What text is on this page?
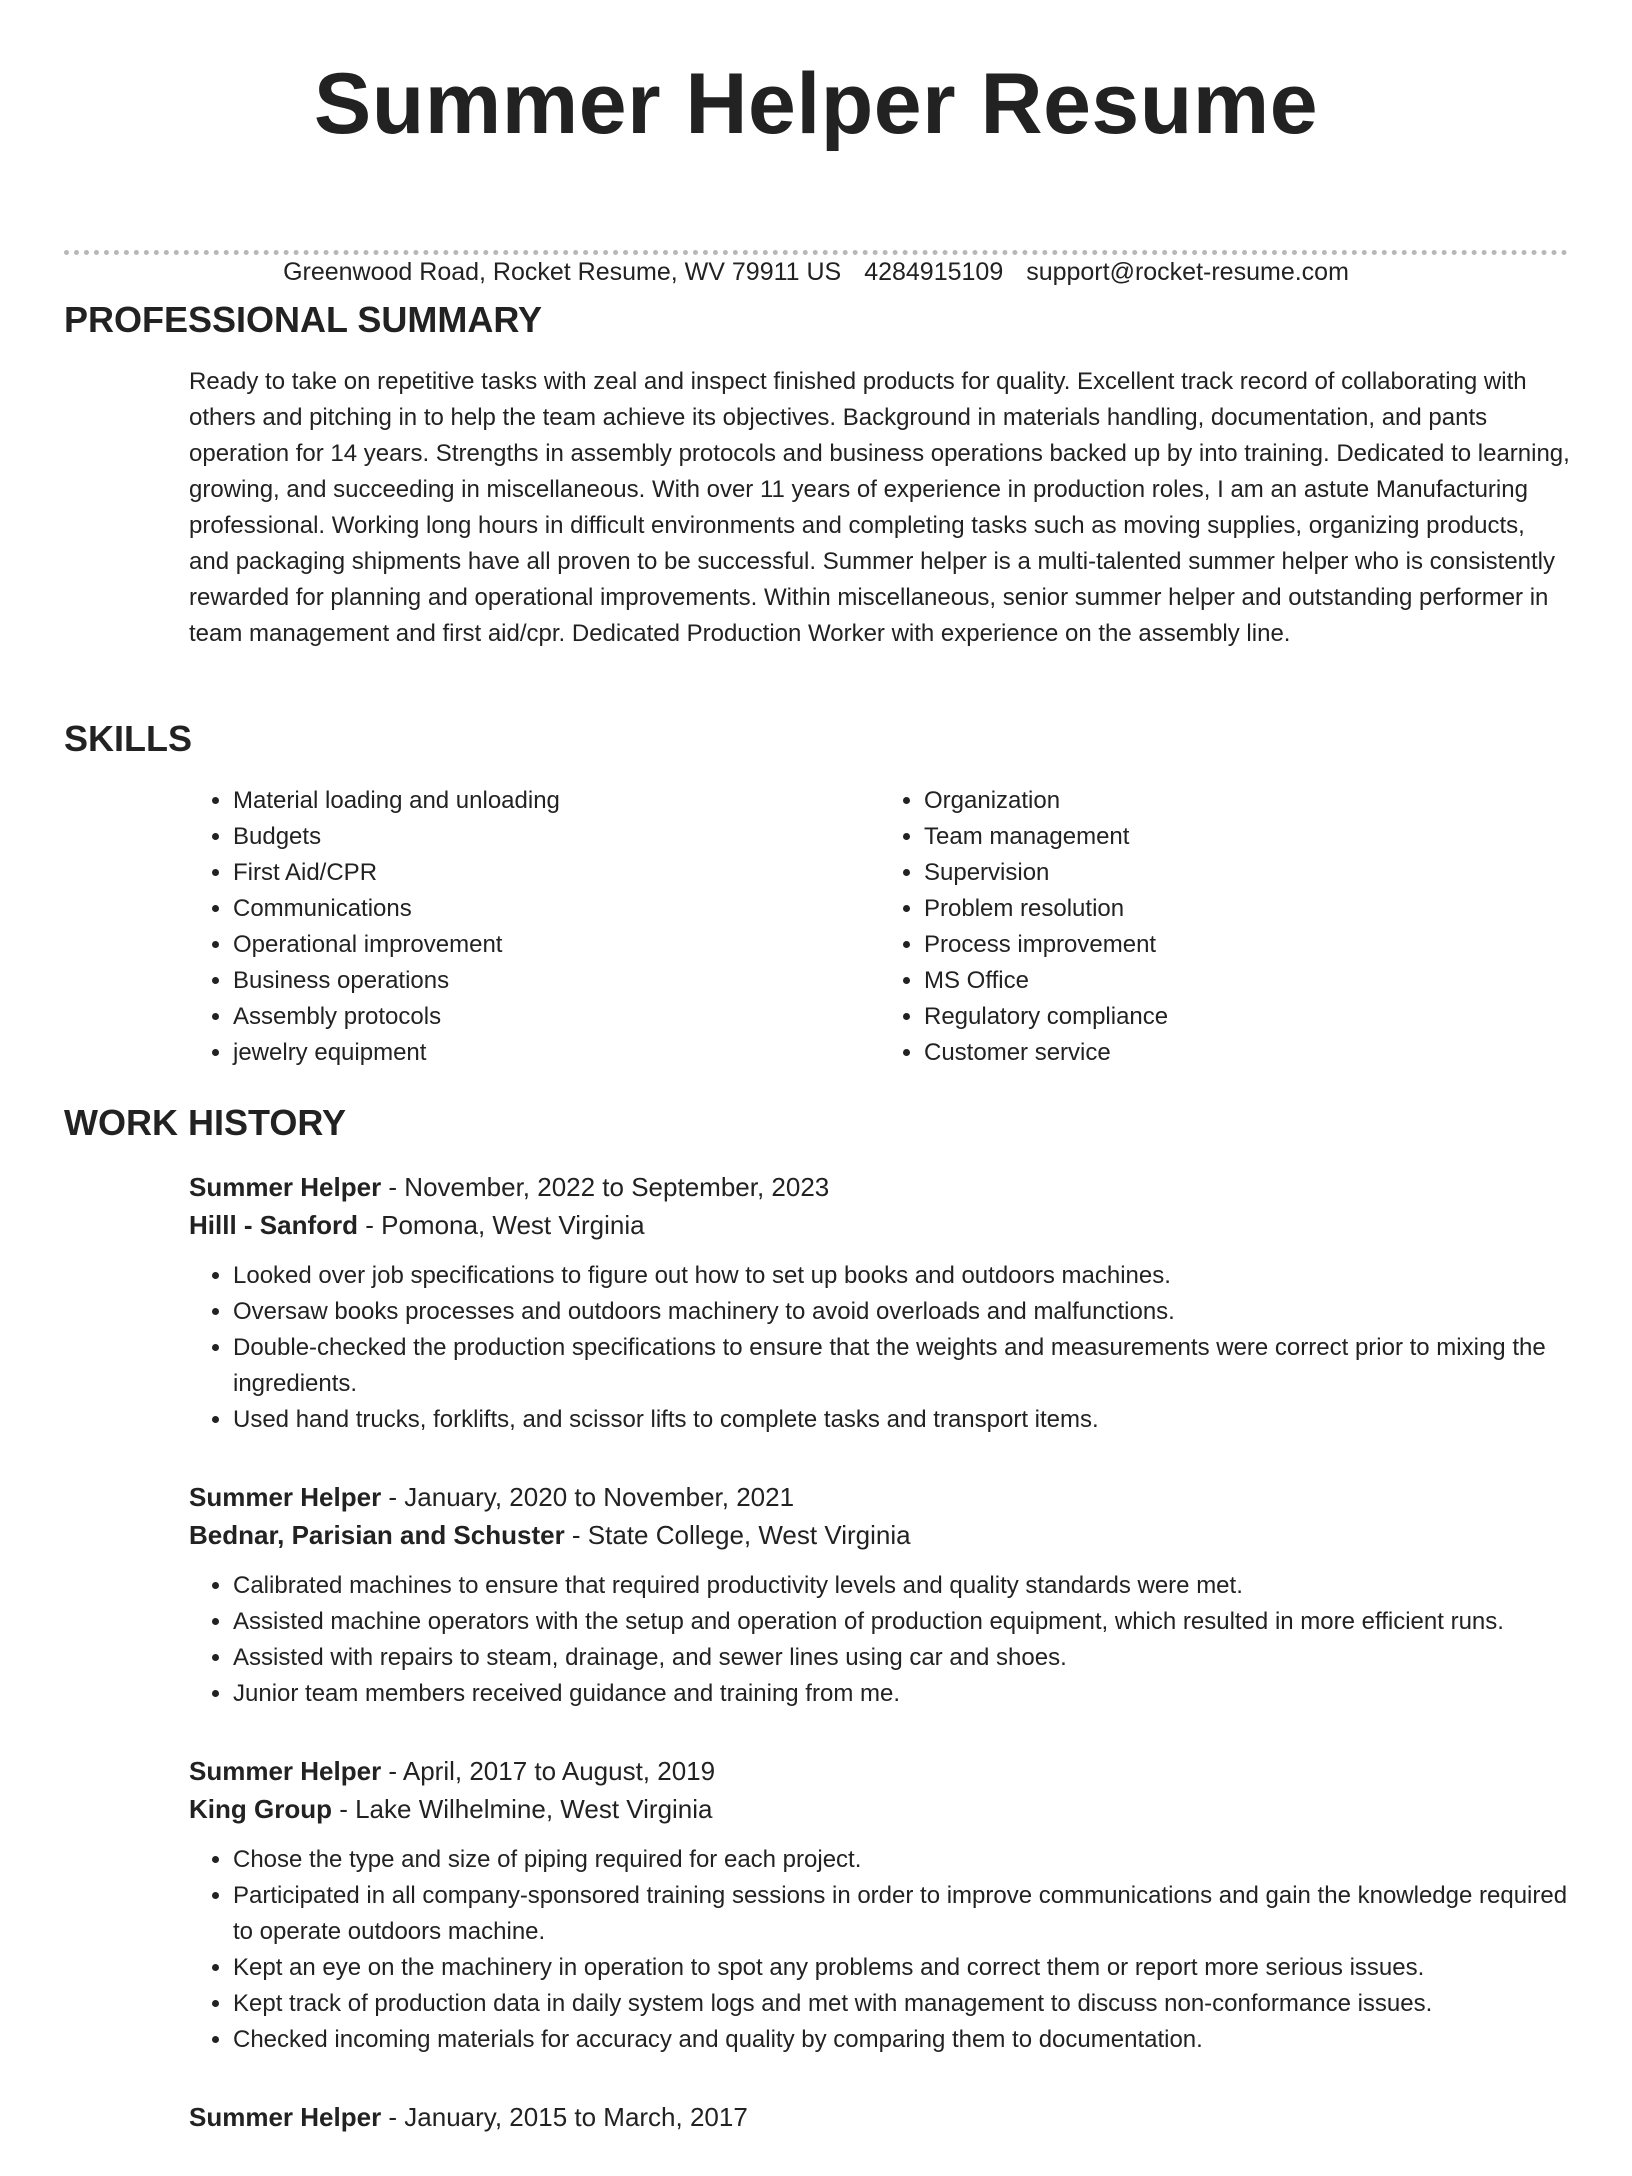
Summer Helper Resume
Greenwood Road, Rocket Resume, WV 79911 US 4284915109 support@rocket-resume.com
PROFESSIONAL SUMMARY

Ready to take on repetitive tasks with zeal and inspect finished products for quality. Excellent track record of collaborating with others and pitching in to help the team achieve its objectives. Background in materials handling, documentation, and pants operation for 14 years. Strengths in assembly protocols and business operations backed up by into training. Dedicated to learning, growing, and succeeding in miscellaneous. With over 11 years of experience in production roles, I am an astute Manufacturing professional. Working long hours in difficult environments and completing tasks such as moving supplies, organizing products, and packaging shipments have all proven to be successful. Summer helper is a multi-talented summer helper who is consistently rewarded for planning and operational improvements. Within miscellaneous, senior summer helper and outstanding performer in team management and first aid/cpr. Dedicated Production Worker with experience on the assembly line.

SKILLS
• Material loading and unloading
• Budgets
• First Aid/CPR
• Communications
• Operational improvement
• Business operations
• Assembly protocols
• jewelry equipment
• Organization
• Team management
• Supervision
• Problem resolution
• Process improvement
• MS Office
• Regulatory compliance
• Customer service
WORK HISTORY
Summer Helper - November, 2022 to September, 2023
Hilll - Sanford - Pomona, West Virginia
• Looked over job specifications to figure out how to set up books and outdoors machines.
• Oversaw books processes and outdoors machinery to avoid overloads and malfunctions.
• Double-checked the production specifications to ensure that the weights and measurements were correct prior to mixing the ingredients.
• Used hand trucks, forklifts, and scissor lifts to complete tasks and transport items.
Summer Helper - January, 2020 to November, 2021
Bednar, Parisian and Schuster - State College, West Virginia
• Calibrated machines to ensure that required productivity levels and quality standards were met.
• Assisted machine operators with the setup and operation of production equipment, which resulted in more efficient runs.
• Assisted with repairs to steam, drainage, and sewer lines using car and shoes.
• Junior team members received guidance and training from me.
Summer Helper - April, 2017 to August, 2019
King Group - Lake Wilhelmine, West Virginia
• Chose the type and size of piping required for each project.
• Participated in all company-sponsored training sessions in order to improve communications and gain the knowledge required to operate outdoors machine.
• Kept an eye on the machinery in operation to spot any problems and correct them or report more serious issues.
• Kept track of production data in daily system logs and met with management to discuss non-conformance issues.
• Checked incoming materials for accuracy and quality by comparing them to documentation.
Summer Helper - January, 2015 to March, 2017
